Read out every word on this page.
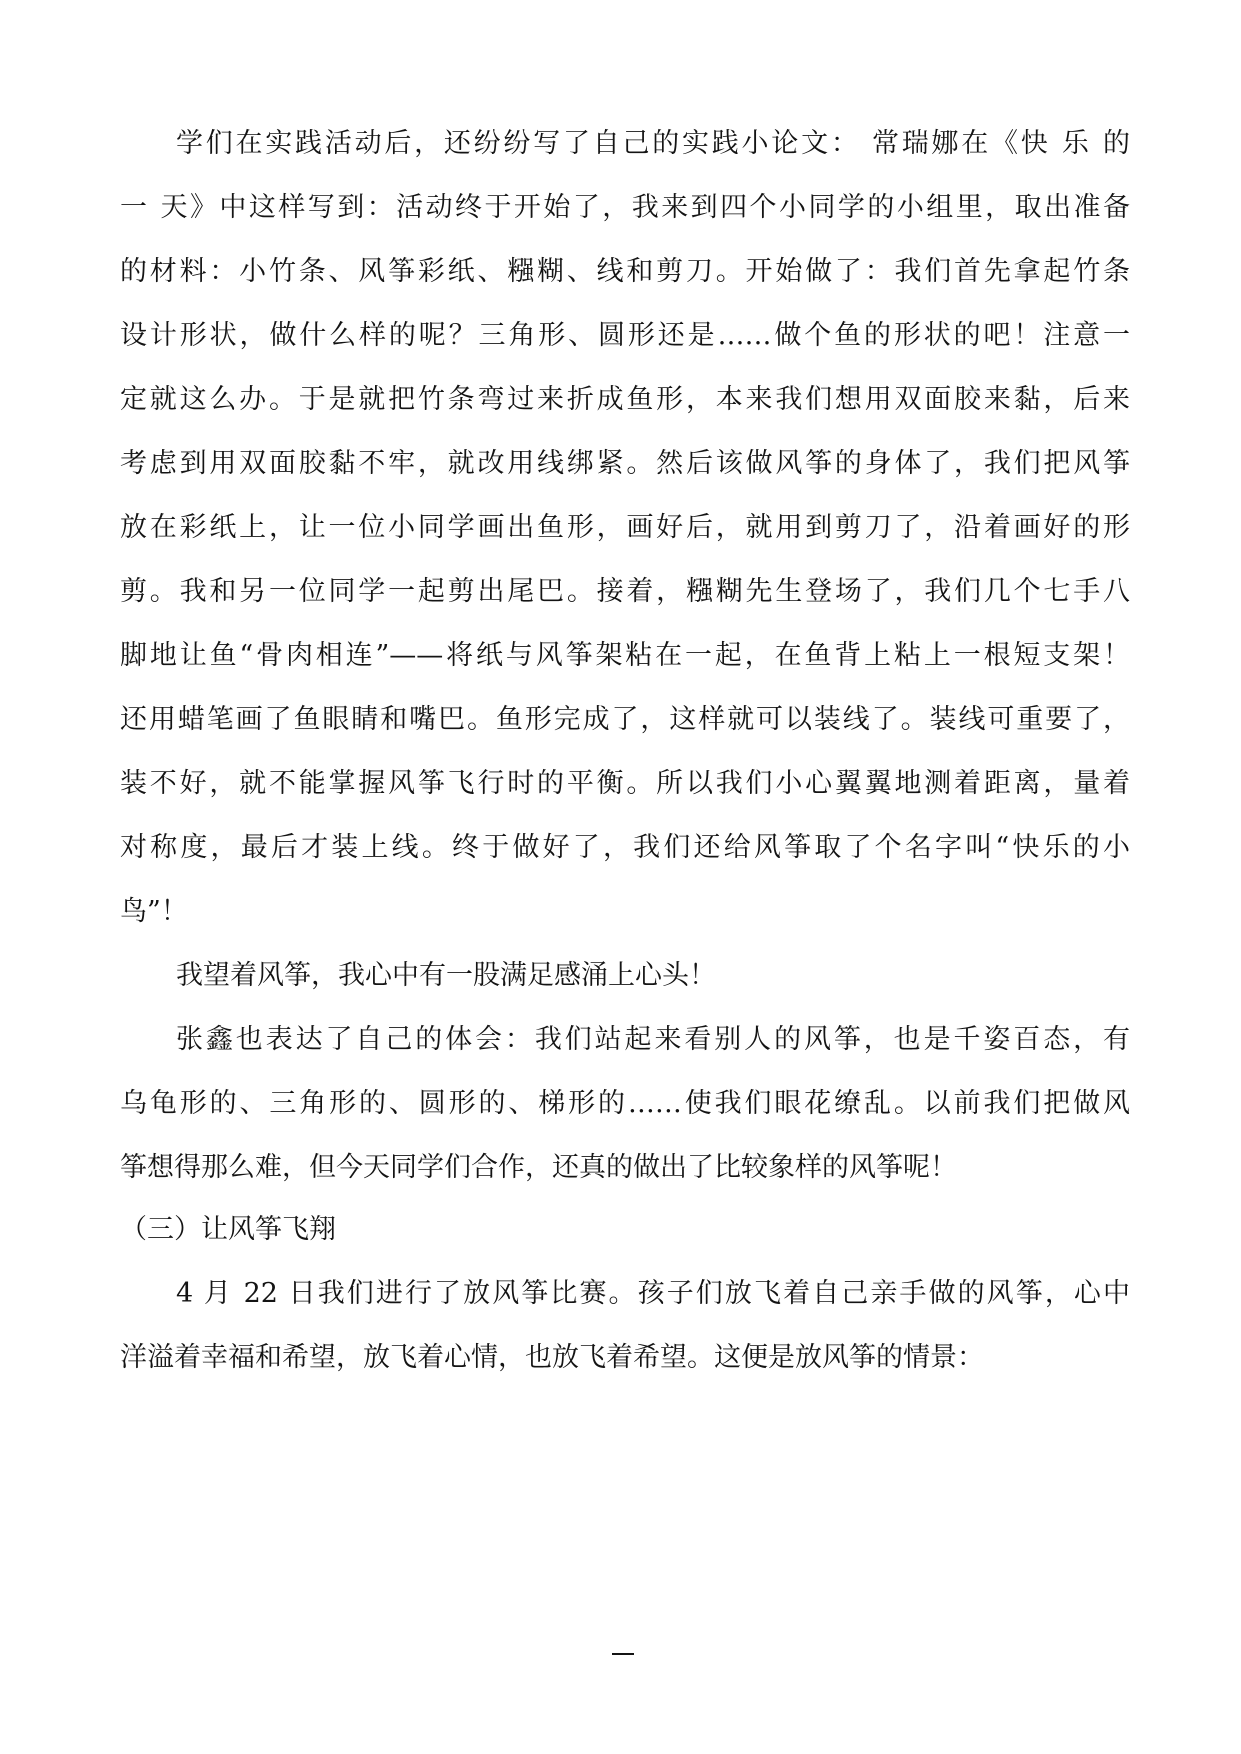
学们在实践活动后，还纷纷写了自己的实践小论文： 常瑞娜在《快 乐 的
一 天》中这样写到：活动终于开始了，我来到四个小同学的小组里，取出准备
的材料：小竹条、风筝彩纸、糨糊、线和剪刀。开始做了：我们首先拿起竹条
设计形状，做什么样的呢？三角形、圆形还是……做个鱼的形状的吧！注意一
定就这么办。于是就把竹条弯过来折成鱼形，本来我们想用双面胶来黏，后来
考虑到用双面胶黏不牢，就改用线绑紧。然后该做风筝的身体了，我们把风筝
放在彩纸上，让一位小同学画出鱼形，画好后，就用到剪刀了，沿着画好的形
剪。我和另一位同学一起剪出尾巴。接着，糨糊先生登场了，我们几个七手八
脚地让鱼“骨肉相连”——将纸与风筝架粘在一起，在鱼背上粘上一根短支架！
还用蜡笔画了鱼眼睛和嘴巴。鱼形完成了，这样就可以装线了。装线可重要了，
装不好，就不能掌握风筝飞行时的平衡。所以我们小心翼翼地测着距离，量着
对称度，最后才装上线。终于做好了，我们还给风筝取了个名字叫“快乐的小
鸟”！
我望着风筝，我心中有一股满足感涌上心头！
张鑫也表达了自己的体会：我们站起来看别人的风筝，也是千姿百态，有
乌龟形的、三角形的、圆形的、梯形的……使我们眼花缭乱。以前我们把做风
筝想得那么难，但今天同学们合作，还真的做出了比较象样的风筝呢！
（三）让风筝飞翔
4 月 22 日我们进行了放风筝比赛。孩子们放飞着自己亲手做的风筝，心中
洋溢着幸福和希望，放飞着心情，也放飞着希望。这便是放风筝的情景：
